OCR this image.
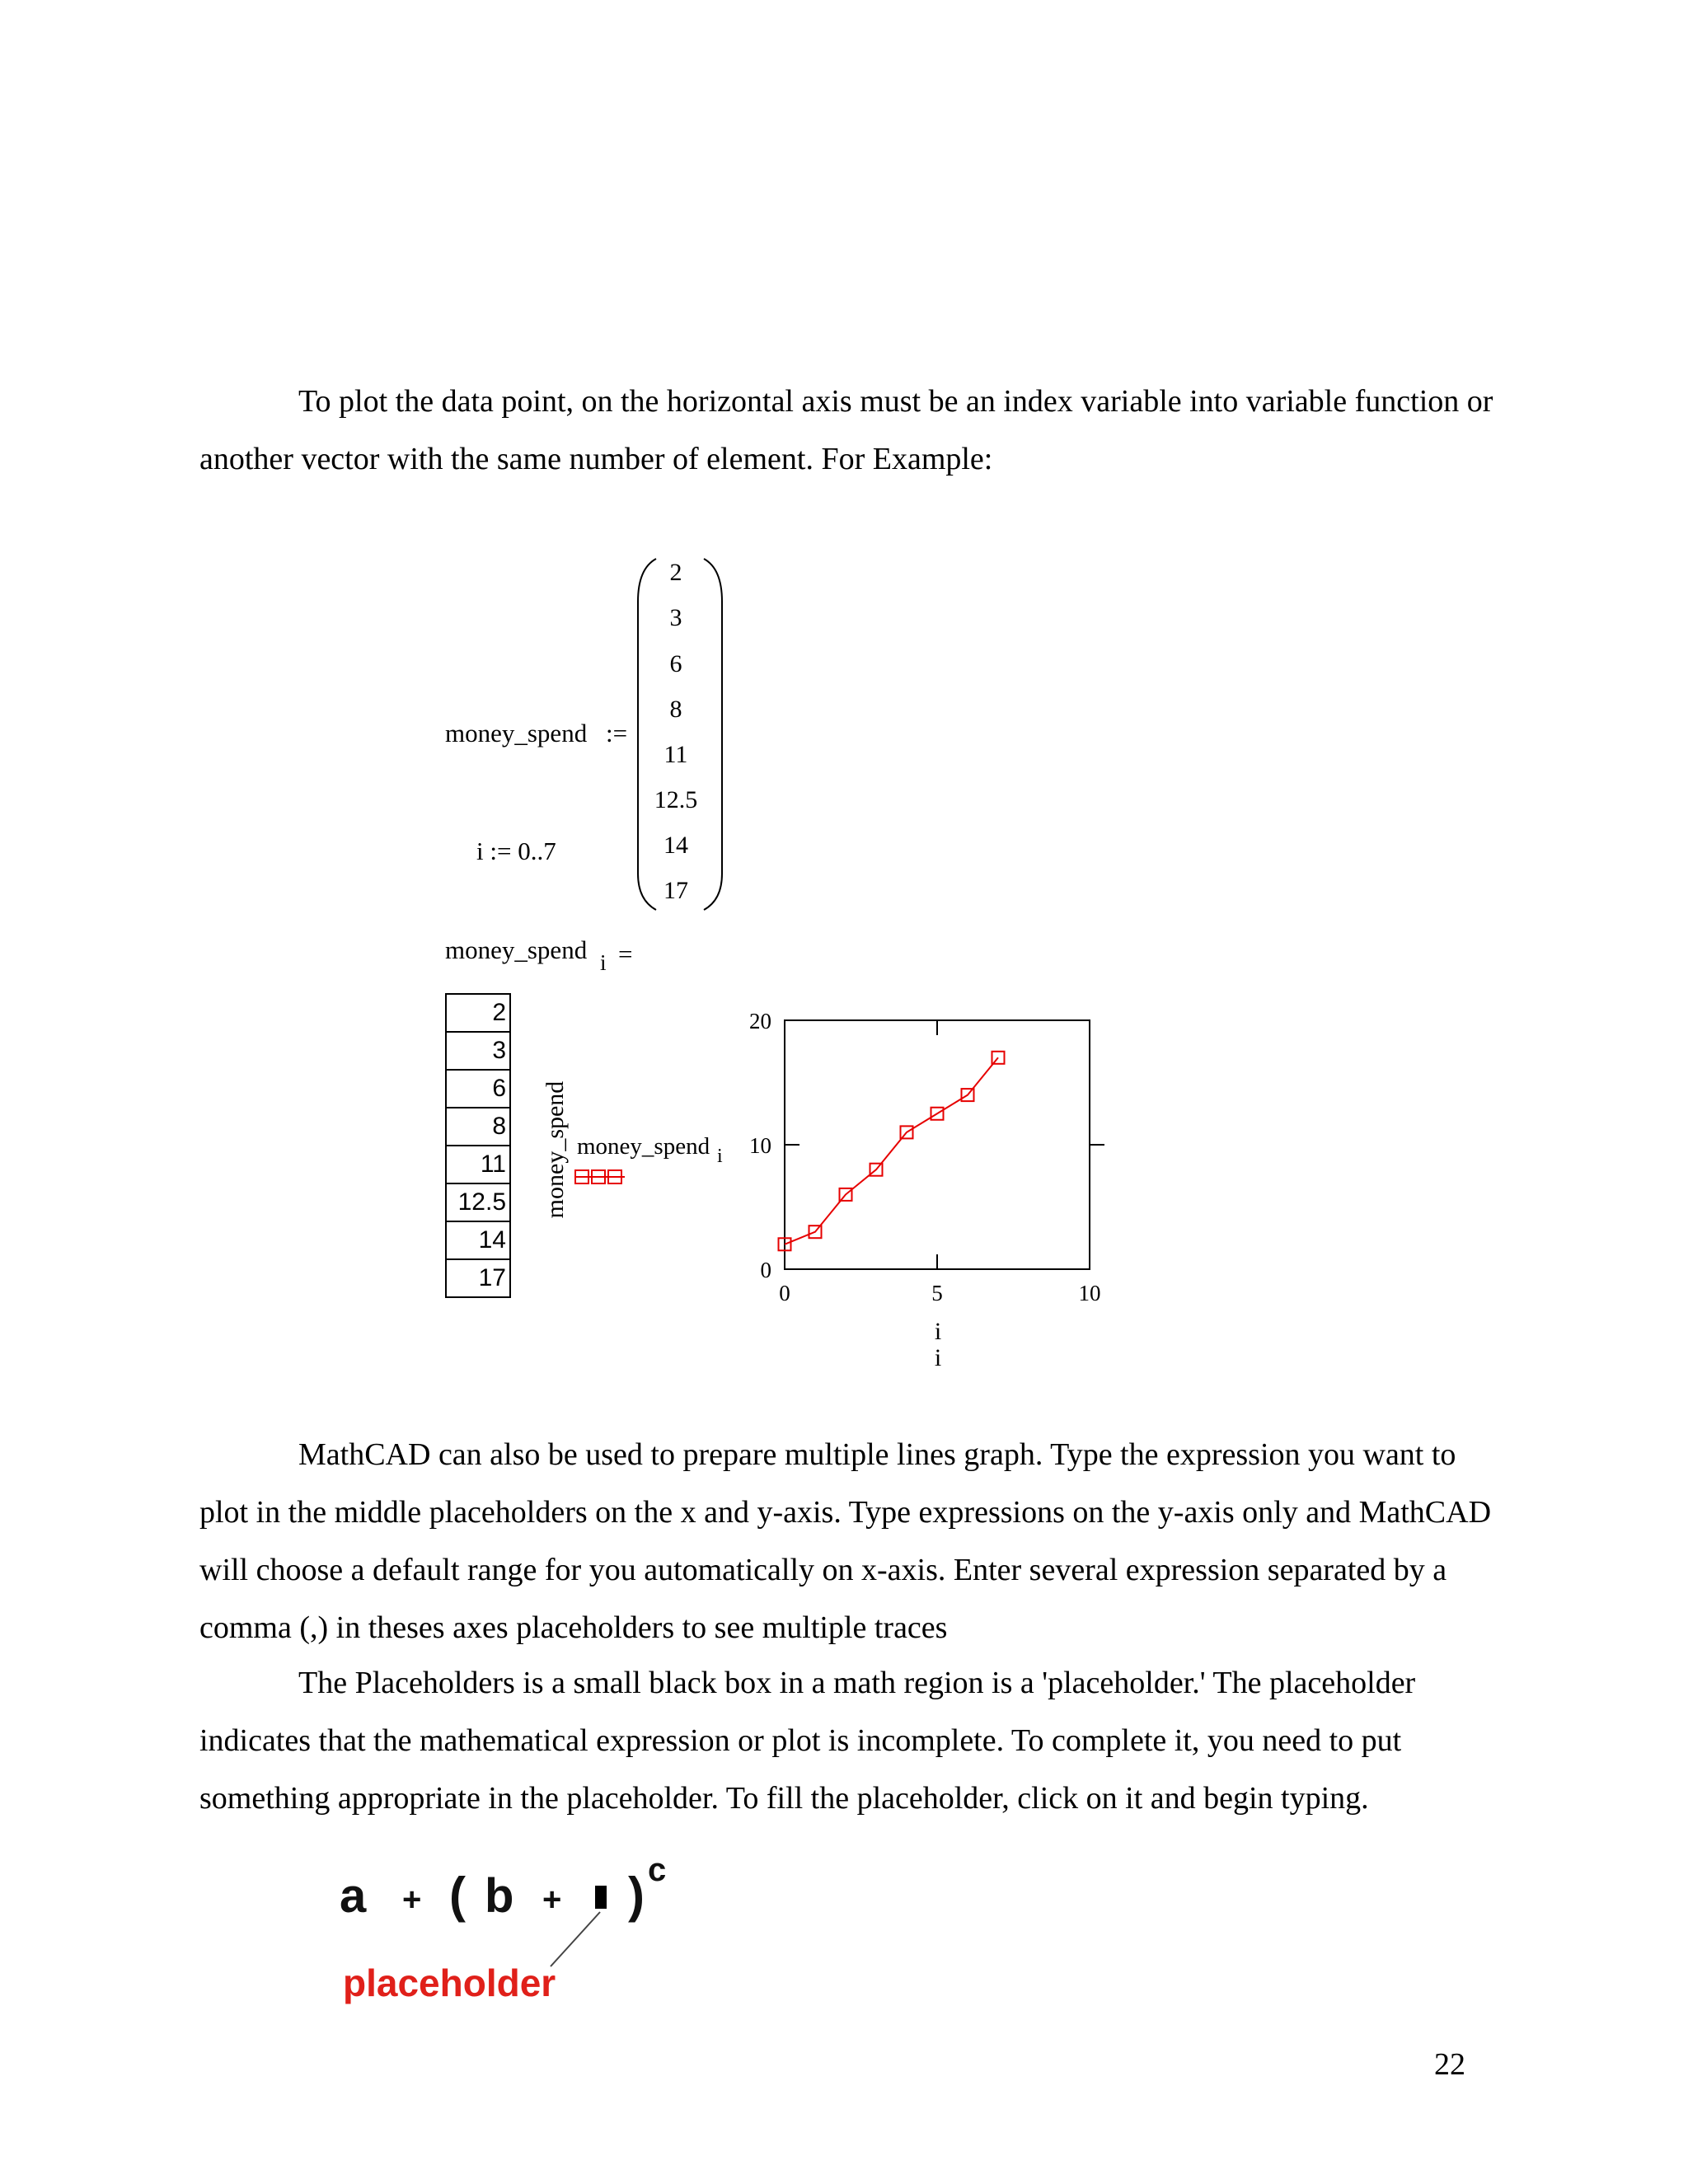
To plot the data point, on the horizontal axis must be an index variable into variable function or another vector with the same number of element. For Example:

money_spend :=
2
3
6
8
11
12.5
14
17
i := 0..7
money_spend i =
2
3
6
8
11
12.5
14
17
money_spend money_spend i
0	5	10
0
10
20
i
i

MathCAD can also be used to prepare multiple lines graph. Type the expression you want to plot in the middle placeholders on the x and y-axis. Type expressions on the y-axis only and MathCAD will choose a default range for you automatically on x-axis. Enter several expression separated by a comma (,) in theses axes placeholders to see multiple traces

The Placeholders is a small black box in a math region is a 'placeholder.' The placeholder indicates that the mathematical expression or plot is incomplete. To complete it, you need to put something appropriate in the placeholder. To fill the placeholder, click on it and begin typing.

a + ( b + ) c
placeholder
22
